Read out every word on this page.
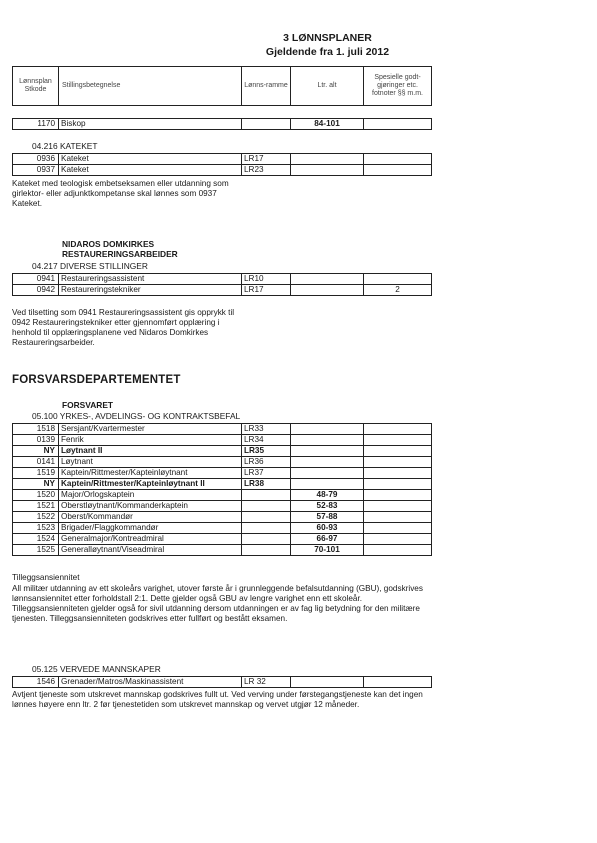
3 LØNNSPLANER
Gjeldende fra 1. juli 2012
Lønnsplan Stkode	Stillingsbetegnelse	Lønns-ramme	Ltr. alt	Spesielle godt-gjøringer etc. fotnoter §§ m.m.
1170	Biskop		84-101	
04.216 KATEKET
0936	Kateket	LR17		
0937	Kateket	LR23		
Kateket med teologisk embetseksamen eller utdanning som girlektor- eller adjunktkompetanse skal lønnes som 0937 Kateket.
NIDAROS DOMKIRKES
RESTAURERINGSARBEIDER
04.217 DIVERSE STILLINGER
0941	Restaureringsassistent	LR10		
0942	Restaureringstekniker	LR17		2
Ved tilsetting som 0941 Restaureringsassistent gis opprykk til 0942 Restaureringstekniker etter gjennomført opplæring i henhold til opplæringsplanene ved Nidaros Domkirkes Restaureringsarbeider.
FORSVARSDEPARTEMENTET
FORSVARET
05.100 YRKES-, AVDELINGS- OG KONTRAKTSBEFAL
1518	Sersjant/Kvartermester	LR33		
0139	Fenrik	LR34		
NY	Løytnant II	LR35		
0141	Løytnant	LR36		
1519	Kaptein/Rittmester/Kapteinløytnant	LR37		
NY	Kaptein/Rittmester/Kapteinløytnant II	LR38		
1520	Major/Orlogskaptein		48-79	
1521	Oberstløytnant/Kommanderkaptein		52-83	
1522	Oberst/Kommandør		57-88	
1523	Brigader/Flaggkommandør		60-93	
1524	Generalmajor/Kontreadmiral		66-97	
1525	Generalløytnant/Viseadmiral		70-101	
Tilleggsansiennitet
All militær utdanning av ett skoleårs varighet, utover første år i grunnleggende befalsutdanning (GBU), godskrives lønnsansiennitet etter forholdstall 2:1. Dette gjelder også GBU av lengre varighet enn ett skoleår. Tilleggsansienniteten gjelder også for sivil utdanning dersom utdanningen er av fag lig betydning for den militære tjenesten. Tilleggsansienniteten godskrives etter fullført og bestått eksamen.
05.125 VERVEDE MANNSKAPER
1546	Grenader/Matros/Maskinassistent	LR 32		
Avtjent tjeneste som utskrevet mannskap godskrives fullt ut. Ved verving under førstegangstjeneste kan det ingen lønnes høyere enn ltr. 2 før tjenestetiden som utskrevet mannskap og vervet utgjør 12 måneder.
